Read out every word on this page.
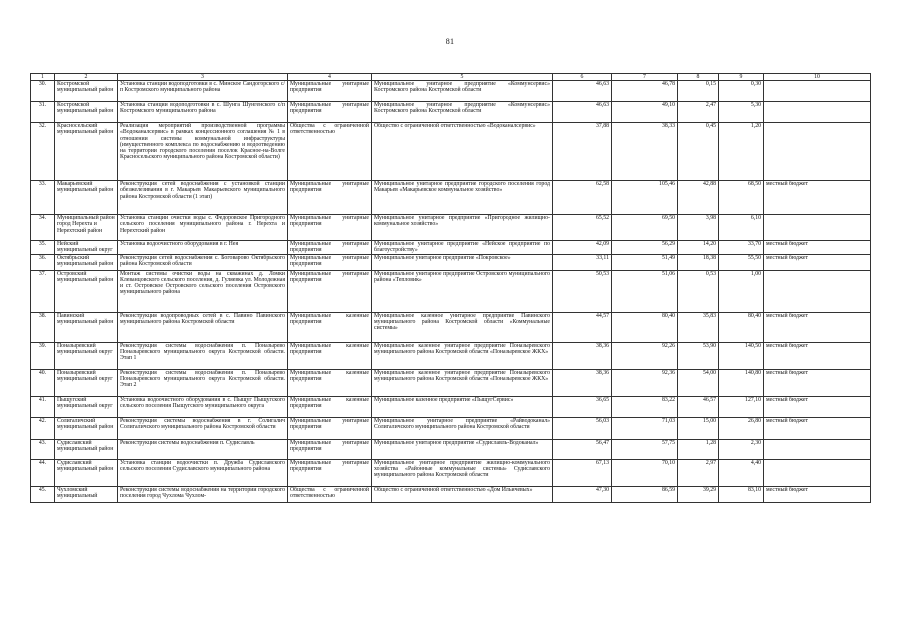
81
1	2	3	4	5	6	7	8	9	10
30.	Костромской муниципальный район	Установка станции водоподготовки в с. Минское Сандогорского с/п Костромского муниципального района	Муниципальные унитарные предприятия	Муниципальное унитарное предприятие «Коммунсервис» Костромского района Костромской области	46,63	46,78	0,15	0,30	
31.	Костромской муниципальный район	Установка станции водоподготовки в с. Шунга Шунгенского с/п Костромского муниципального района	Муниципальные унитарные предприятия	Муниципальное унитарное предприятие «Коммунсервис» Костромского района Костромской области	46,63	49,10	2,47	5,30	
32.	Красносельский муниципальный район	Реализация мероприятий производственной программы «Водоканалсервис» в рамках концессионного соглашения № 1 в отношении системы коммунальной инфраструктуры (имущественного комплекса по водоснабжению и водоотведению на территории городского поселения поселок Красное-на-Волге Красносельского муниципального района Костромской области)	Общества с ограниченной ответственностью	Общество с ограниченной ответственностью «Водоканалсервис»	37,88	38,33	0,45	1,20	
33.	Макарьевский муниципальный район	Реконструкция сетей водоснабжения с установкой станции обезжелезивания в г. Макарьев Макарьевского муниципального района Костромской области (1 этап)	Муниципальные унитарные предприятия	Муниципальное унитарное предприятие городского поселения город Макарьев «Макарьевское коммунальное хозяйство»	62,58	105,46	42,88	68,50	местный бюджет
34.	Муниципальный район город Нерехта и Нерехтский район	Установка станции очистки воды с. Федоровское Пригородного сельского поселения муниципального района г. Нерехта и Нерехтский район	Муниципальные унитарные предприятия	Муниципальное унитарное предприятие «Пригородное жилищно-коммунальное хозяйство»	65,52	69,50	3,98	6,10	
35.	Нейский муниципальный округ	Установка водоочистного оборудования в г. Нея	Муниципальные унитарные предприятия	Муниципальное унитарное предприятие «Нейское предприятие по благоустройству»	42,09	56,29	14,20	33,70	местный бюджет
36.	Октябрьский муниципальный район	Реконструкция сетей водоснабжения с. Боговарово Октябрьского района Костромской области	Муниципальные унитарные предприятия	Муниципальное унитарное предприятие «Покровское»	33,11	51,49	18,38	55,50	местный бюджет
37.	Островский муниципальный район	Монтаж системы очистки воды на скважинах д. Ломки Клеванцовского сельского поселения, д. Гуляевка ул. Молодежная и ст. Островское Островского сельского поселения Островского муниципального района	Муниципальные унитарные предприятия	Муниципальное унитарное предприятие Островского муниципального района «Тепловик»	50,53	51,06	0,53	1,00	
38.	Павинский муниципальный район	Реконструкция водопроводных сетей в с. Павино Павинского муниципального района Костромской области	Муниципальные казенные предприятия	Муниципальное казенное унитарное предприятие Павинского муниципального района Костромской области «Коммунальные системы»	44,57	80,40	35,83	80,40	местный бюджет
39.	Поназыревский муниципальный округ	Реконструкция системы водоснабжения п. Поназырево Поназыревского муниципального округа Костромской области. Этап 1	Муниципальные казенные предприятия	Муниципальное казенное унитарное предприятие Поназыревского муниципального района Костромской области «Поназыревское ЖКХ»	38,36	92,26	53,90	140,50	местный бюджет
40.	Поназыревский муниципальный округ	Реконструкция системы водоснабжения п. Поназырево Поназыревского муниципального округа Костромской области. Этап 2	Муниципальные казенные предприятия	Муниципальное казенное унитарное предприятие Поназыревского муниципального района Костромской области «Поназыревское ЖКХ»	38,36	92,36	54,00	140,80	местный бюджет
41.	Пыщугский муниципальный округ	Установка водоочистного оборудования в с. Пыщуг Пыщугского сельского поселения Пыщугского муниципального округа	Муниципальные казенные предприятия	Муниципальное казенное предприятие «ПыщугСервис»	36,65	83,22	46,57	127,10	местный бюджет
42.	Солигаличский муниципальный район	Реконструкция системы водоснабжения в г. Солигалич Солигаличского муниципального района Костромской области	Муниципальные унитарные предприятия	Муниципальное унитарное предприятие «Райводоканал» Солигаличского муниципального района Костромской области	56,03	71,03	15,00	26,80	местный бюджет
43.	Судиславский муниципальный район	Реконструкция системы водоснабжения п. Судиславль	Муниципальные унитарные предприятия	Муниципальное унитарное предприятие «Судиславль-Водоканал»	56,47	57,75	1,28	2,30	
44.	Судиславский муниципальный район	Установка станции водоочистки п. Дружба Судиславского сельского поселения Судиславского муниципального района	Муниципальные унитарные предприятия	Муниципальное унитарное предприятие жилищно-коммунального хозяйства «Районные коммунальные системы» Судиславского муниципального района Костромской области	67,13	70,10	2,97	4,40	
45.	Чухломский муниципальный	Реконструкция системы водоснабжения на территории городского поселения город Чухлома Чухлом-	Общества с ограниченной ответственностью	Общество с ограниченной ответственностью «Дом Ильичевых»	47,30	86,59	39,29	83,10	местный бюджет
